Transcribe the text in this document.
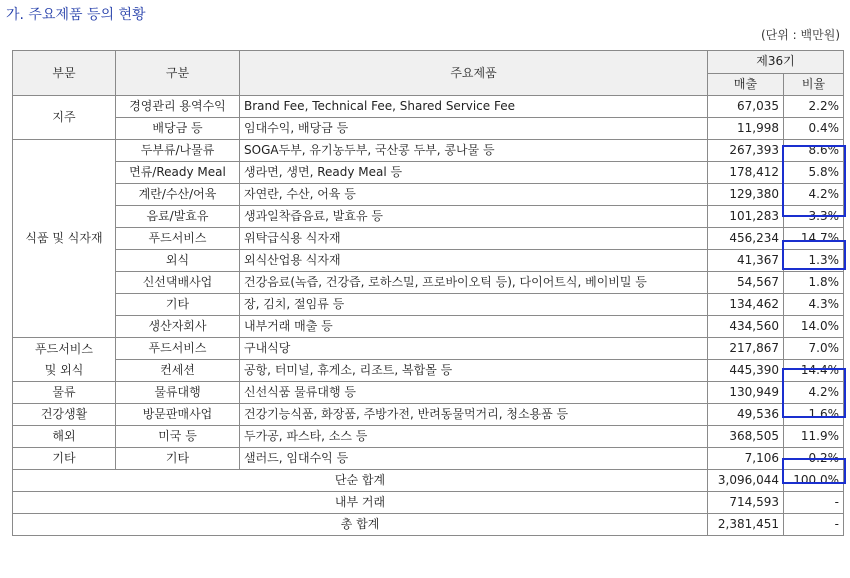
가. 주요제품 등의 현황
(단위 : 백만원)
부문	구분	주요제품	제36기	
			매출	비율
지주	경영관리 용역수익	Brand Fee, Technical Fee, Shared Service Fee	67,035	2.2%
	배당금 등	임대수익, 배당금 등	11,998	0.4%
식품 및 식자재	두부류/나물류	SOGA두부, 유기농두부, 국산콩 두부, 콩나물 등	267,393	8.6%
	면류/Ready Meal	생라면, 생면, Ready Meal 등	178,412	5.8%
	계란/수산/어육	자연란, 수산, 어육 등	129,380	4.2%
	음료/발효유	생과일착즙음료, 발효유 등	101,283	3.3%
	푸드서비스	위탁급식용 식자재	456,234	14.7%
	외식	외식산업용 식자재	41,367	1.3%
	신선댁배사업	건강음료(녹즙, 건강즙, 로하스밀, 프로바이오틱 등), 다이어트식, 베이비밀 등	54,567	1.8%
	기타	장, 김치, 절임류 등	134,462	4.3%
	생산자회사	내부거래 매출 등	434,560	14.0%

푸드서비스
및 외식	푸드서비스	구내식당	217,867	7.0%
	컨세션	공항, 터미널, 휴게소, 리조트, 복합몰 등	445,390	14.4%
물류	물류대행	신선식품 물류대행 등	130,949	4.2%
건강생활	방문판매사업	건강기능식품, 화장품, 주방가전, 반려동물먹거리, 청소용품 등	49,536	1.6%
해외	미국 등	두가공, 파스타, 소스 등	368,505	11.9%
기타	기타	샐러드, 임대수익 등	7,106	0.2%
단순 합계			3,096,044	100.0%
내부 거래			714,593	-
총 합계			2,381,451	-
